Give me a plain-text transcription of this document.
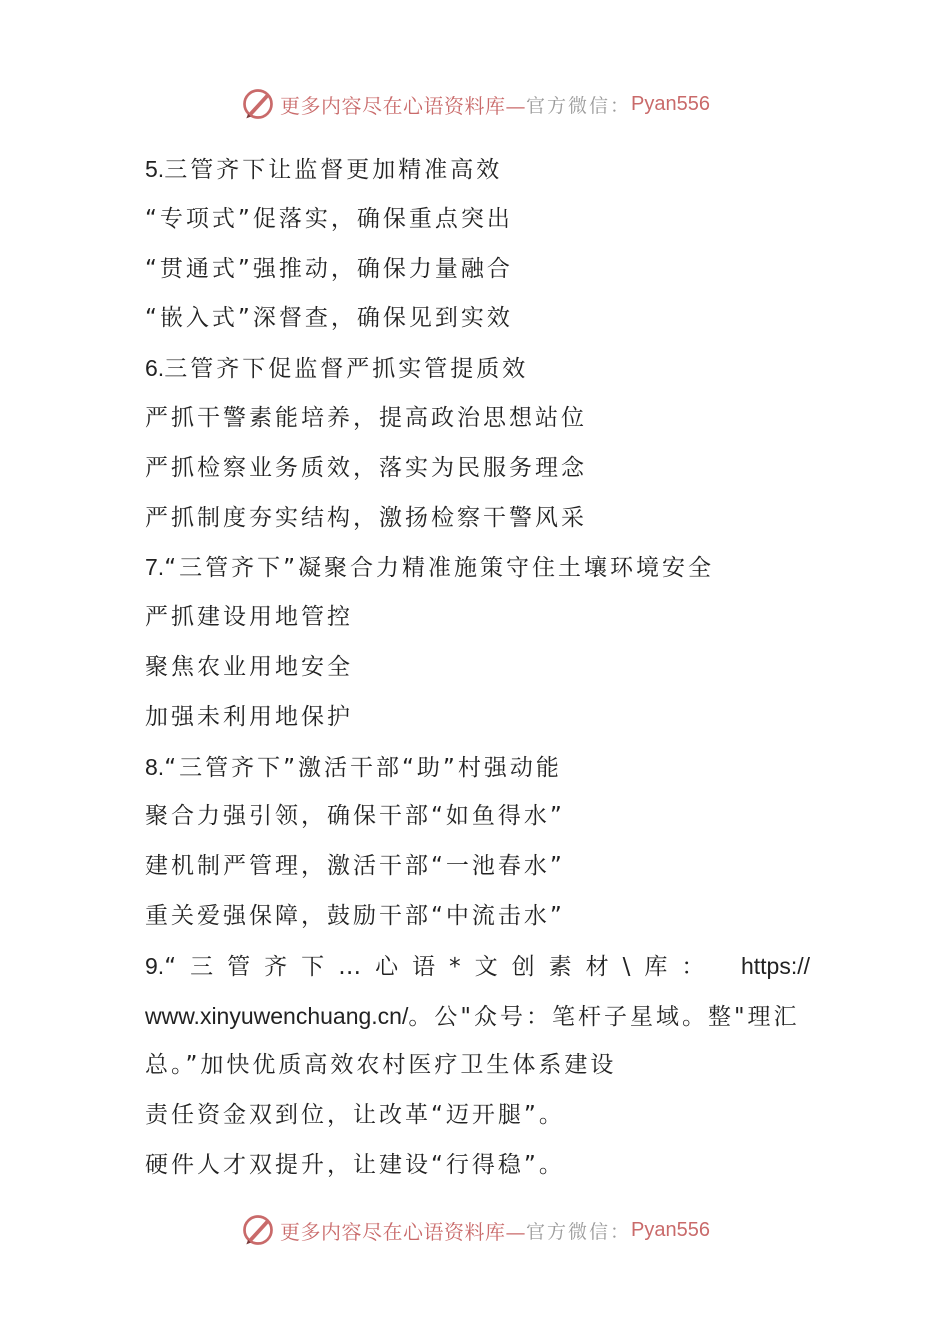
更多内容尽在心语资料库— 官方微信： Pyan556
5.三管齐下让监督更加精准高效
“专项式”促落实，确保重点突出
“贯通式”强推动，确保力量融合
“嵌入式”深督查，确保见到实效
6.三管齐下促监督严抓实管提质效
严抓干警素能培养，提高政治思想站位
严抓检察业务质效，落实为民服务理念
严抓制度夯实结构，激扬检察干警风采
7.“三管齐下”凝聚合力精准施策守住土壤环境安全
严抓建设用地管控
聚焦农业用地安全
加强未利用地保护
8.“三管齐下”激活干部“助”村强动能
聚合力强引领，确保干部“如鱼得水”
建机制严管理，激活干部“一池春水”
重关爱强保障，鼓励干部“中流击水”
9.“三管齐下…心语*文创素材\库： https://
www.xinyuwenchuang.cn/。公"众号：笔杆子星域。整"理汇
总。”加快优质高效农村医疗卫生体系建设
责任资金双到位，让改革“迈开腿”。
硬件人才双提升，让建设“行得稳”。
更多内容尽在心语资料库— 官方微信： Pyan556
